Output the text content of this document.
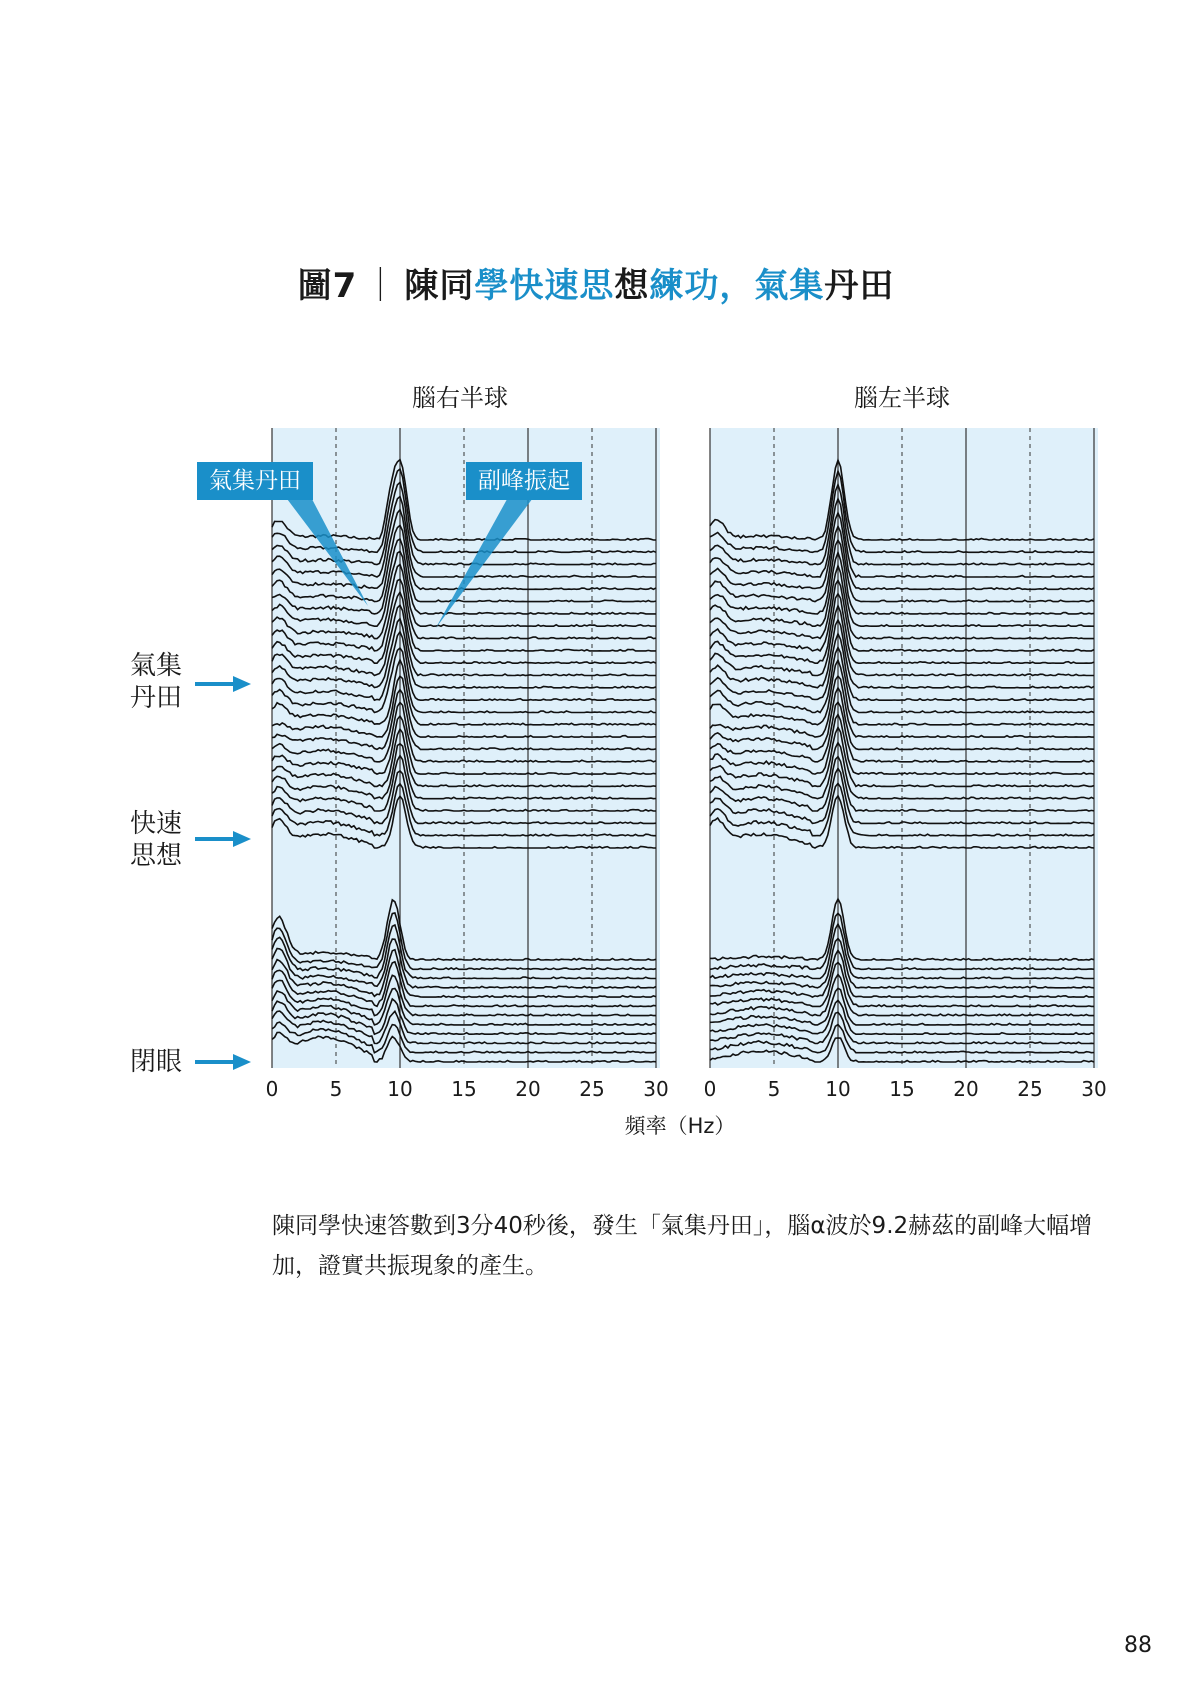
圖7 ｜ 陳同學快速思想練功，氣集丹田
腦右半球	腦左半球
0	5 10 15 20 25 30 0	5 10 15 20 25 30
氣集丹田	副峰振起
氣集
丹田
快速
思想
閉眼
頻率（Hz）
陳同學快速答數到3分40秒後，發生「氣集丹田」，腦α波於9.2赫茲的副峰大幅增加，證實共振現象的產生。
88
